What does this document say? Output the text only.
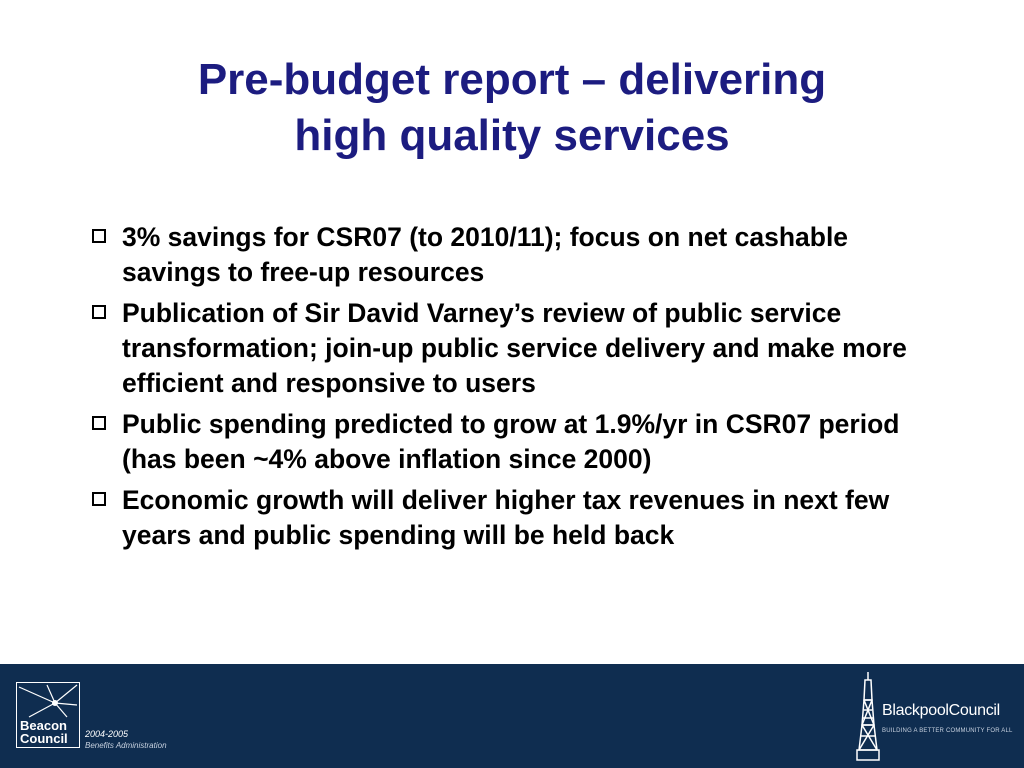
Pre-budget report – delivering
high quality services
3% savings for CSR07 (to 2010/11); focus on net cashable savings to free-up resources
Publication of Sir David Varney’s review of public service transformation; join-up public service delivery and make more efficient and responsive to users
Public spending predicted to grow at 1.9%/yr in CSR07 period (has been ~4% above inflation since 2000)
Economic growth will deliver higher tax revenues in next few years and public spending will be held back
Beacon Council	2004-2005
Benefits Administration
BlackpoolCouncil
BUILDING A BETTER COMMUNITY FOR ALL
